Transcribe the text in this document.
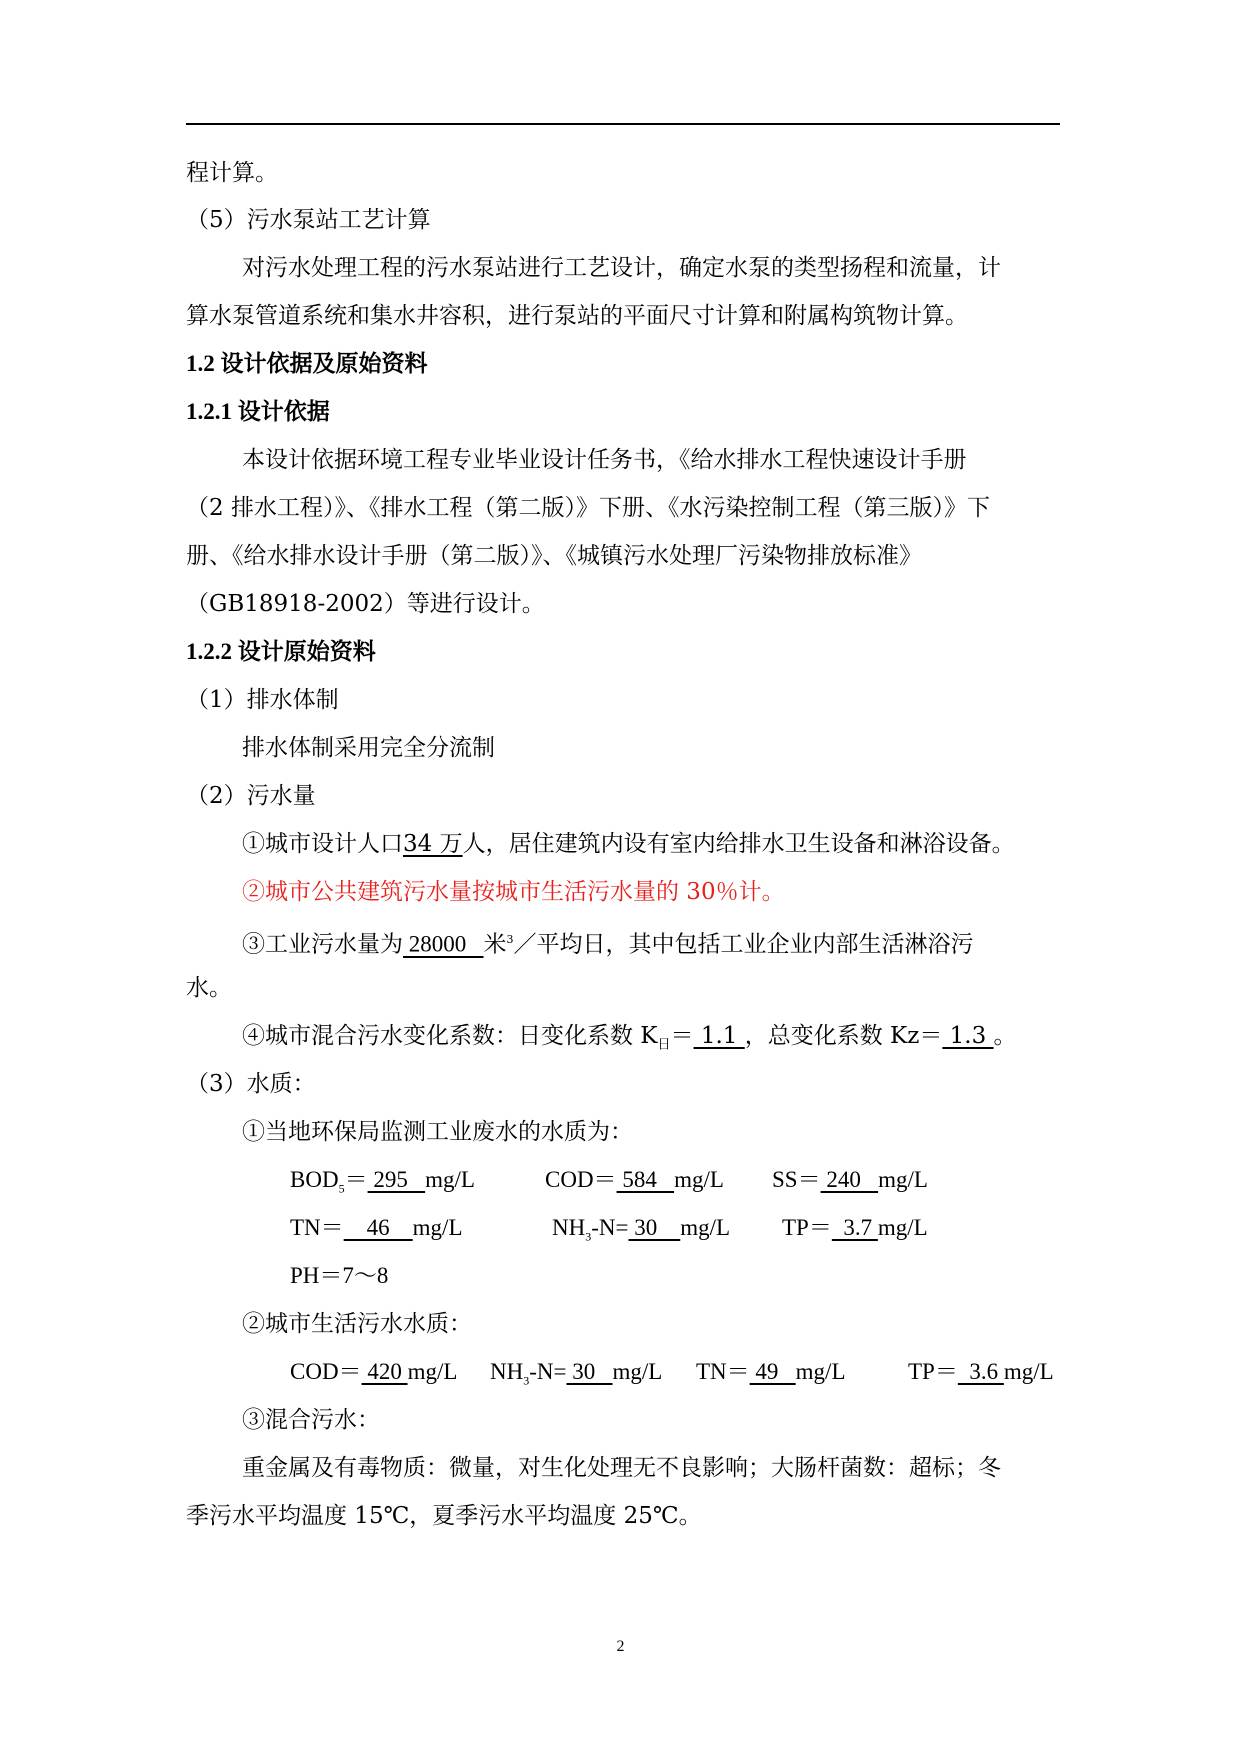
程计算。
（5）污水泵站工艺计算
对污水处理工程的污水泵站进行工艺设计，确定水泵的类型扬程和流量，计
算水泵管道系统和集水井容积，进行泵站的平面尺寸计算和附属构筑物计算。
1.2 设计依据及原始资料
1.2.1 设计依据
本设计依据环境工程专业毕业设计任务书，《给水排水工程快速设计手册
（2 排水工程）》、《排水工程（第二版）》下册、《水污染控制工程（第三版）》下
册、《给水排水设计手册（第二版）》、《城镇污水处理厂污染物排放标准》
（GB18918-2002）等进行设计。
1.2.2 设计原始资料
（1）排水体制
排水体制采用完全分流制
（2）污水量
①城市设计人口34 万人，居住建筑内设有室内给排水卫生设备和淋浴设备。
②城市公共建筑污水量按城市生活污水量的 30％计。
③工业污水量为 28000   米$^3$／平均日，其中包括工业企业内部生活淋浴污
水。
④城市混合污水变化系数：日变化系数 $K_日= 1.1$ ，总变化系数 Kz＝ 1.3 。
（3）水质：
①当地环保局监测工业废水的水质为：
$BOD_5= 295$   mg/L	COD＝ 584   mg/L SS＝ 240   mg/L
TN＝    46    mg/L	$NH_3-N= 30$    mg/L TP＝  3.7 mg/L
PH＝7～8
②城市生活污水水质：
COD＝ 420 mg/L $NH_3-N= 30$   mg/L TN＝ 49   mg/L	TP＝  3.6 mg/L
③混合污水：
重金属及有毒物质：微量，对生化处理无不良影响；大肠杆菌数：超标；冬
季污水平均温度 15℃，夏季污水平均温度 25℃。
2
